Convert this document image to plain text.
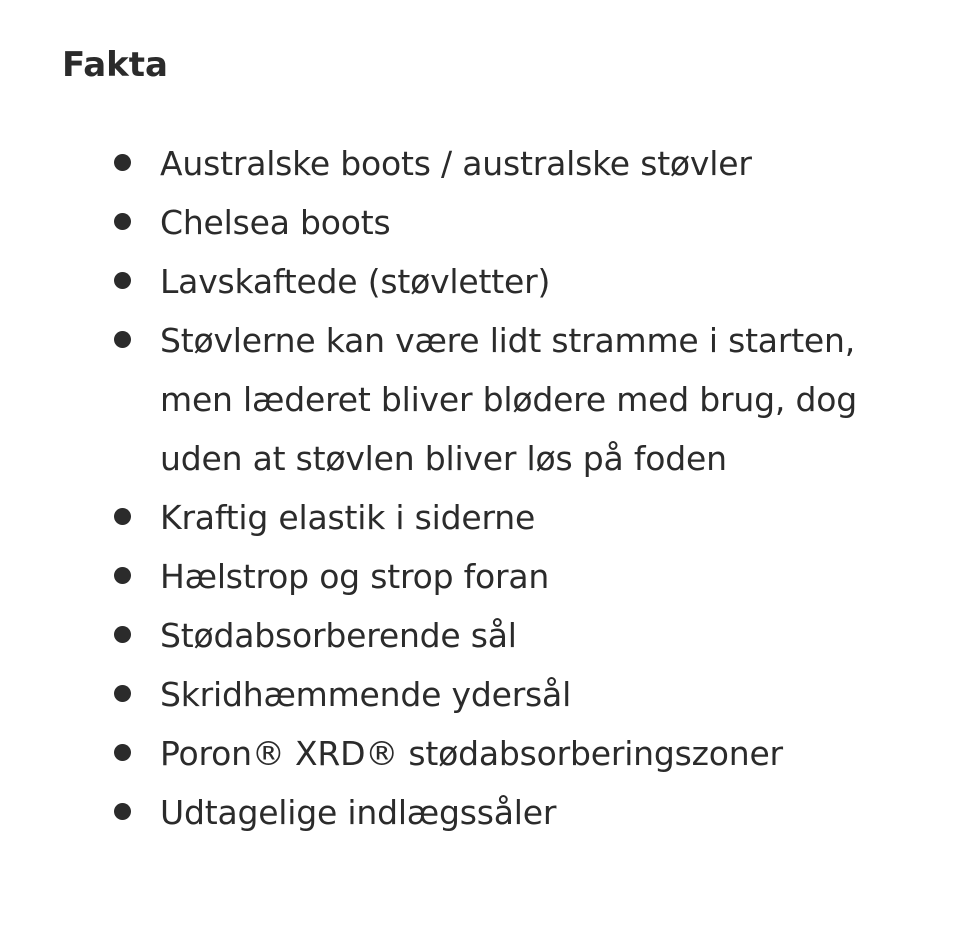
Fakta
Australske boots / australske støvler
Chelsea boots
Lavskaftede (støvletter)
Støvlerne kan være lidt stramme i starten, men læderet bliver blødere med brug, dog uden at støvlen bliver løs på foden
Kraftig elastik i siderne
Hælstrop og strop foran
Stødabsorberende sål
Skridhæmmende ydersål
Poron® XRD® stødabsorberingszoner
Udtagelige indlægssåler
